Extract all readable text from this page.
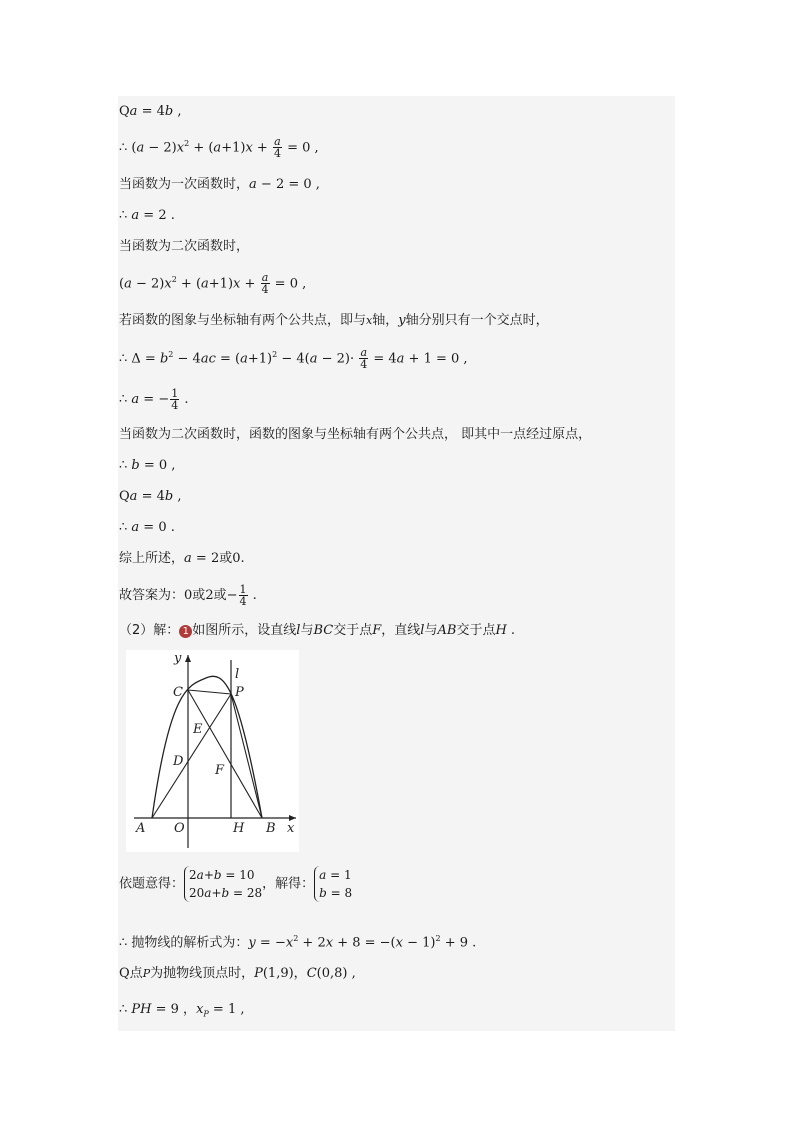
Qa = 4b ,
∴ $(a - 2)x^2 + (a+1)x + \frac{a}{4} = 0$ ,
当函数为一次函数时，a − 2 = 0 ,
∴ a = 2 .
当函数为二次函数时，
$(a - 2)x^2 + (a+1)x + \frac{a}{4} = 0$ ,
若函数的图象与坐标轴有两个公共点，即与x轴，y轴分别只有一个交点时，
∴ $\Delta = b^2 - 4ac = (a+1)^2 - 4(a - 2)\cdot \frac{a}{4} = 4a + 1 = 0$ ,
∴ a = − $\frac{1}{4}$ .
当函数为二次函数时，函数的图象与坐标轴有两个公共点， 即其中一点经过原点，
∴ b = 0 ,
Qa = 4b ,
∴ a = 0 .
综上所述，a = 2或0.
故答案为：0或2或− $\frac{1}{4}$ .
（2）解： 1 如图所示，设直线l与BC交于点F，直线l与AB交于点H .
y
l
C	P
E
D
F
A O	H B x
依题意得：
2a+b = 10
20a+b = 28
，解得：
a = 1
b = 8
∴ 抛物线的解析式为：$y = -x^2 + 2x + 8 = -(x - 1)^2 + 9$ .
Q点P为抛物线顶点时，P(1,9)，C(0,8) ,
∴ PH = 9 ，$x_P = 1$ ,
